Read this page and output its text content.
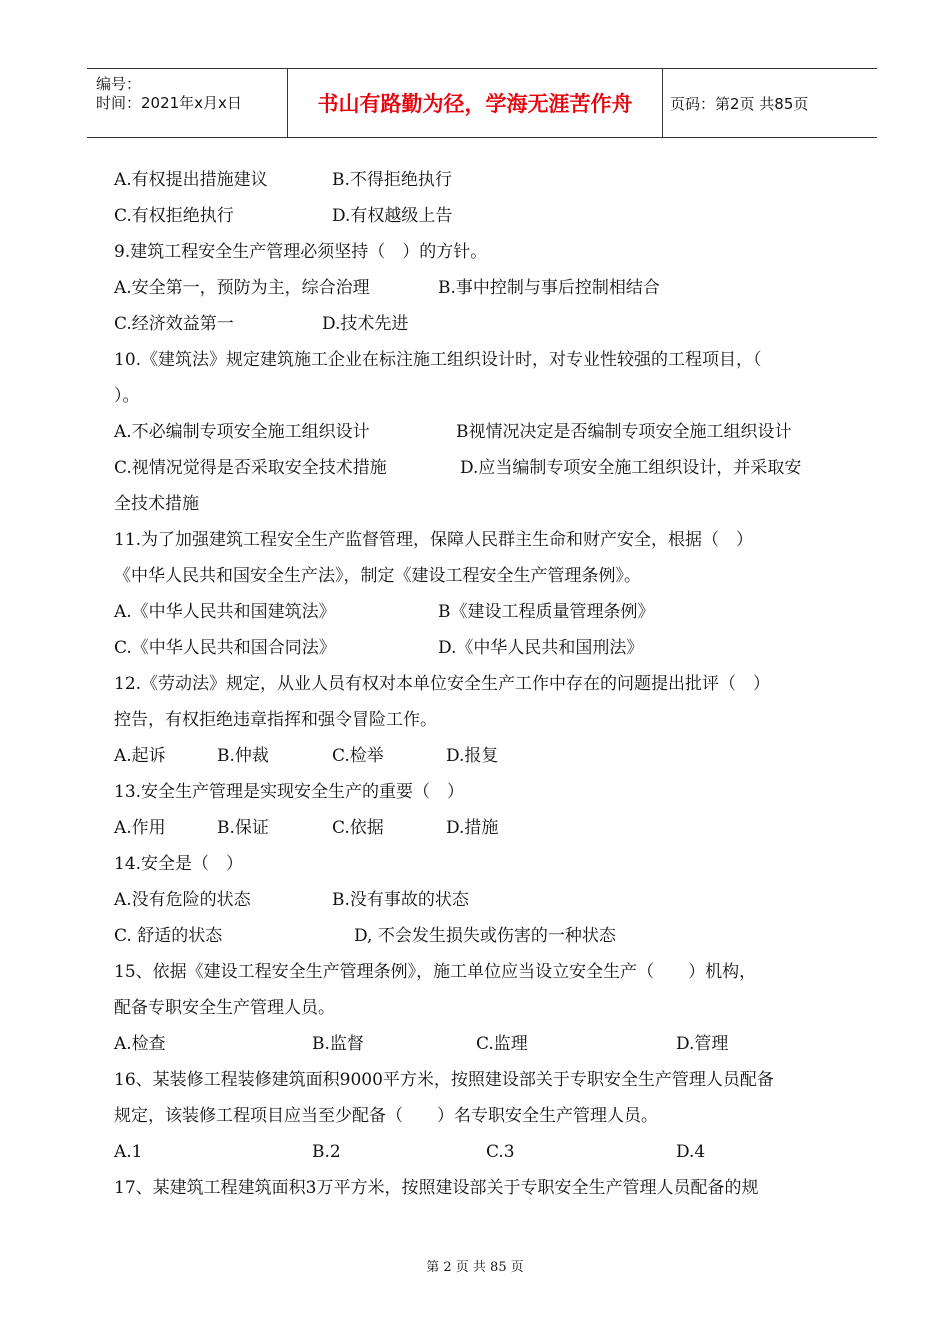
编号：
时间：2021年x月x日	书山有路勤为径，学海无涯苦作舟	页码：第2页 共85页
A.有权提出措施建议	B.不得拒绝执行
C.有权拒绝执行	D.有权越级上告
9.建筑工程安全生产管理必须坚持（　）的方针。
A.安全第一，预防为主，综合治理	B.事中控制与事后控制相结合
C.经济效益第一	D.技术先进
10.《建筑法》规定建筑施工企业在标注施工组织设计时，对专业性较强的工程项目，（
）。
A.不必编制专项安全施工组织设计	B视情况决定是否编制专项安全施工组织设计
C.视情况觉得是否采取安全技术措施	D.应当编制专项安全施工组织设计，并采取安
全技术措施
11.为了加强建筑工程安全生产监督管理，保障人民群主生命和财产安全，根据（　）
《中华人民共和国安全生产法》，制定《建设工程安全生产管理条例》。
A.《中华人民共和国建筑法》	B《建设工程质量管理条例》
C.《中华人民共和国合同法》	D.《中华人民共和国刑法》
12.《劳动法》规定，从业人员有权对本单位安全生产工作中存在的问题提出批评（　）
控告，有权拒绝违章指挥和强令冒险工作。
A.起诉	B.仲裁	C.检举	D.报复
13.安全生产管理是实现安全生产的重要（　）
A.作用	B.保证	C.依据	D.措施
14.安全是（　）
A.没有危险的状态	B.没有事故的状态
C. 舒适的状态	D, 不会发生损失或伤害的一种状态
15、依据《建设工程安全生产管理条例》，施工单位应当设立安全生产（　　）机构，
配备专职安全生产管理人员。
A.检查	B.监督	C.监理	D.管理
16、某装修工程装修建筑面积9000平方米，按照建设部关于专职安全生产管理人员配备
规定，该装修工程项目应当至少配备（　　）名专职安全生产管理人员。
A.1	B.2	C.3	D.4
17、某建筑工程建筑面积3万平方米，按照建设部关于专职安全生产管理人员配备的规
第 2 页 共 85 页
